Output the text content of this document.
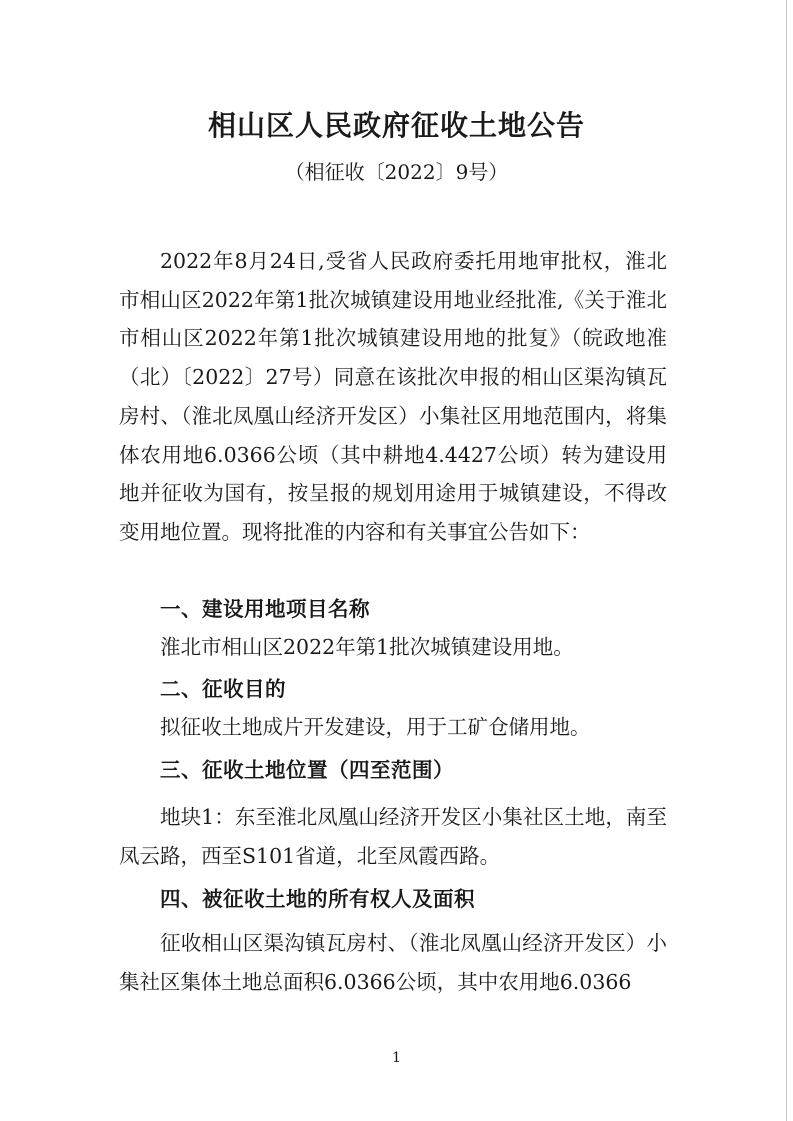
相山区人民政府征收土地公告
（相征收〔2022〕9号）
2022年8月24日,受省人民政府委托用地审批权，淮北市相山区2022年第1批次城镇建设用地业经批准,《关于淮北市相山区2022年第1批次城镇建设用地的批复》（皖政地准（北）〔2022〕27号）同意在该批次申报的相山区渠沟镇瓦房村、（淮北凤凰山经济开发区）小集社区用地范围内，将集体农用地6.0366公顷（其中耕地4.4427公顷）转为建设用地并征收为国有，按呈报的规划用途用于城镇建设，不得改变用地位置。现将批准的内容和有关事宜公告如下：
一、建设用地项目名称
淮北市相山区2022年第1批次城镇建设用地。
二、征收目的
拟征收土地成片开发建设，用于工矿仓储用地。
三、征收土地位置（四至范围）
地块1：东至淮北凤凰山经济开发区小集社区土地，南至凤云路，西至S101省道，北至凤霞西路。
四、被征收土地的所有权人及面积
征收相山区渠沟镇瓦房村、（淮北凤凰山经济开发区）小集社区集体土地总面积6.0366公顷，其中农用地6.0366
1
